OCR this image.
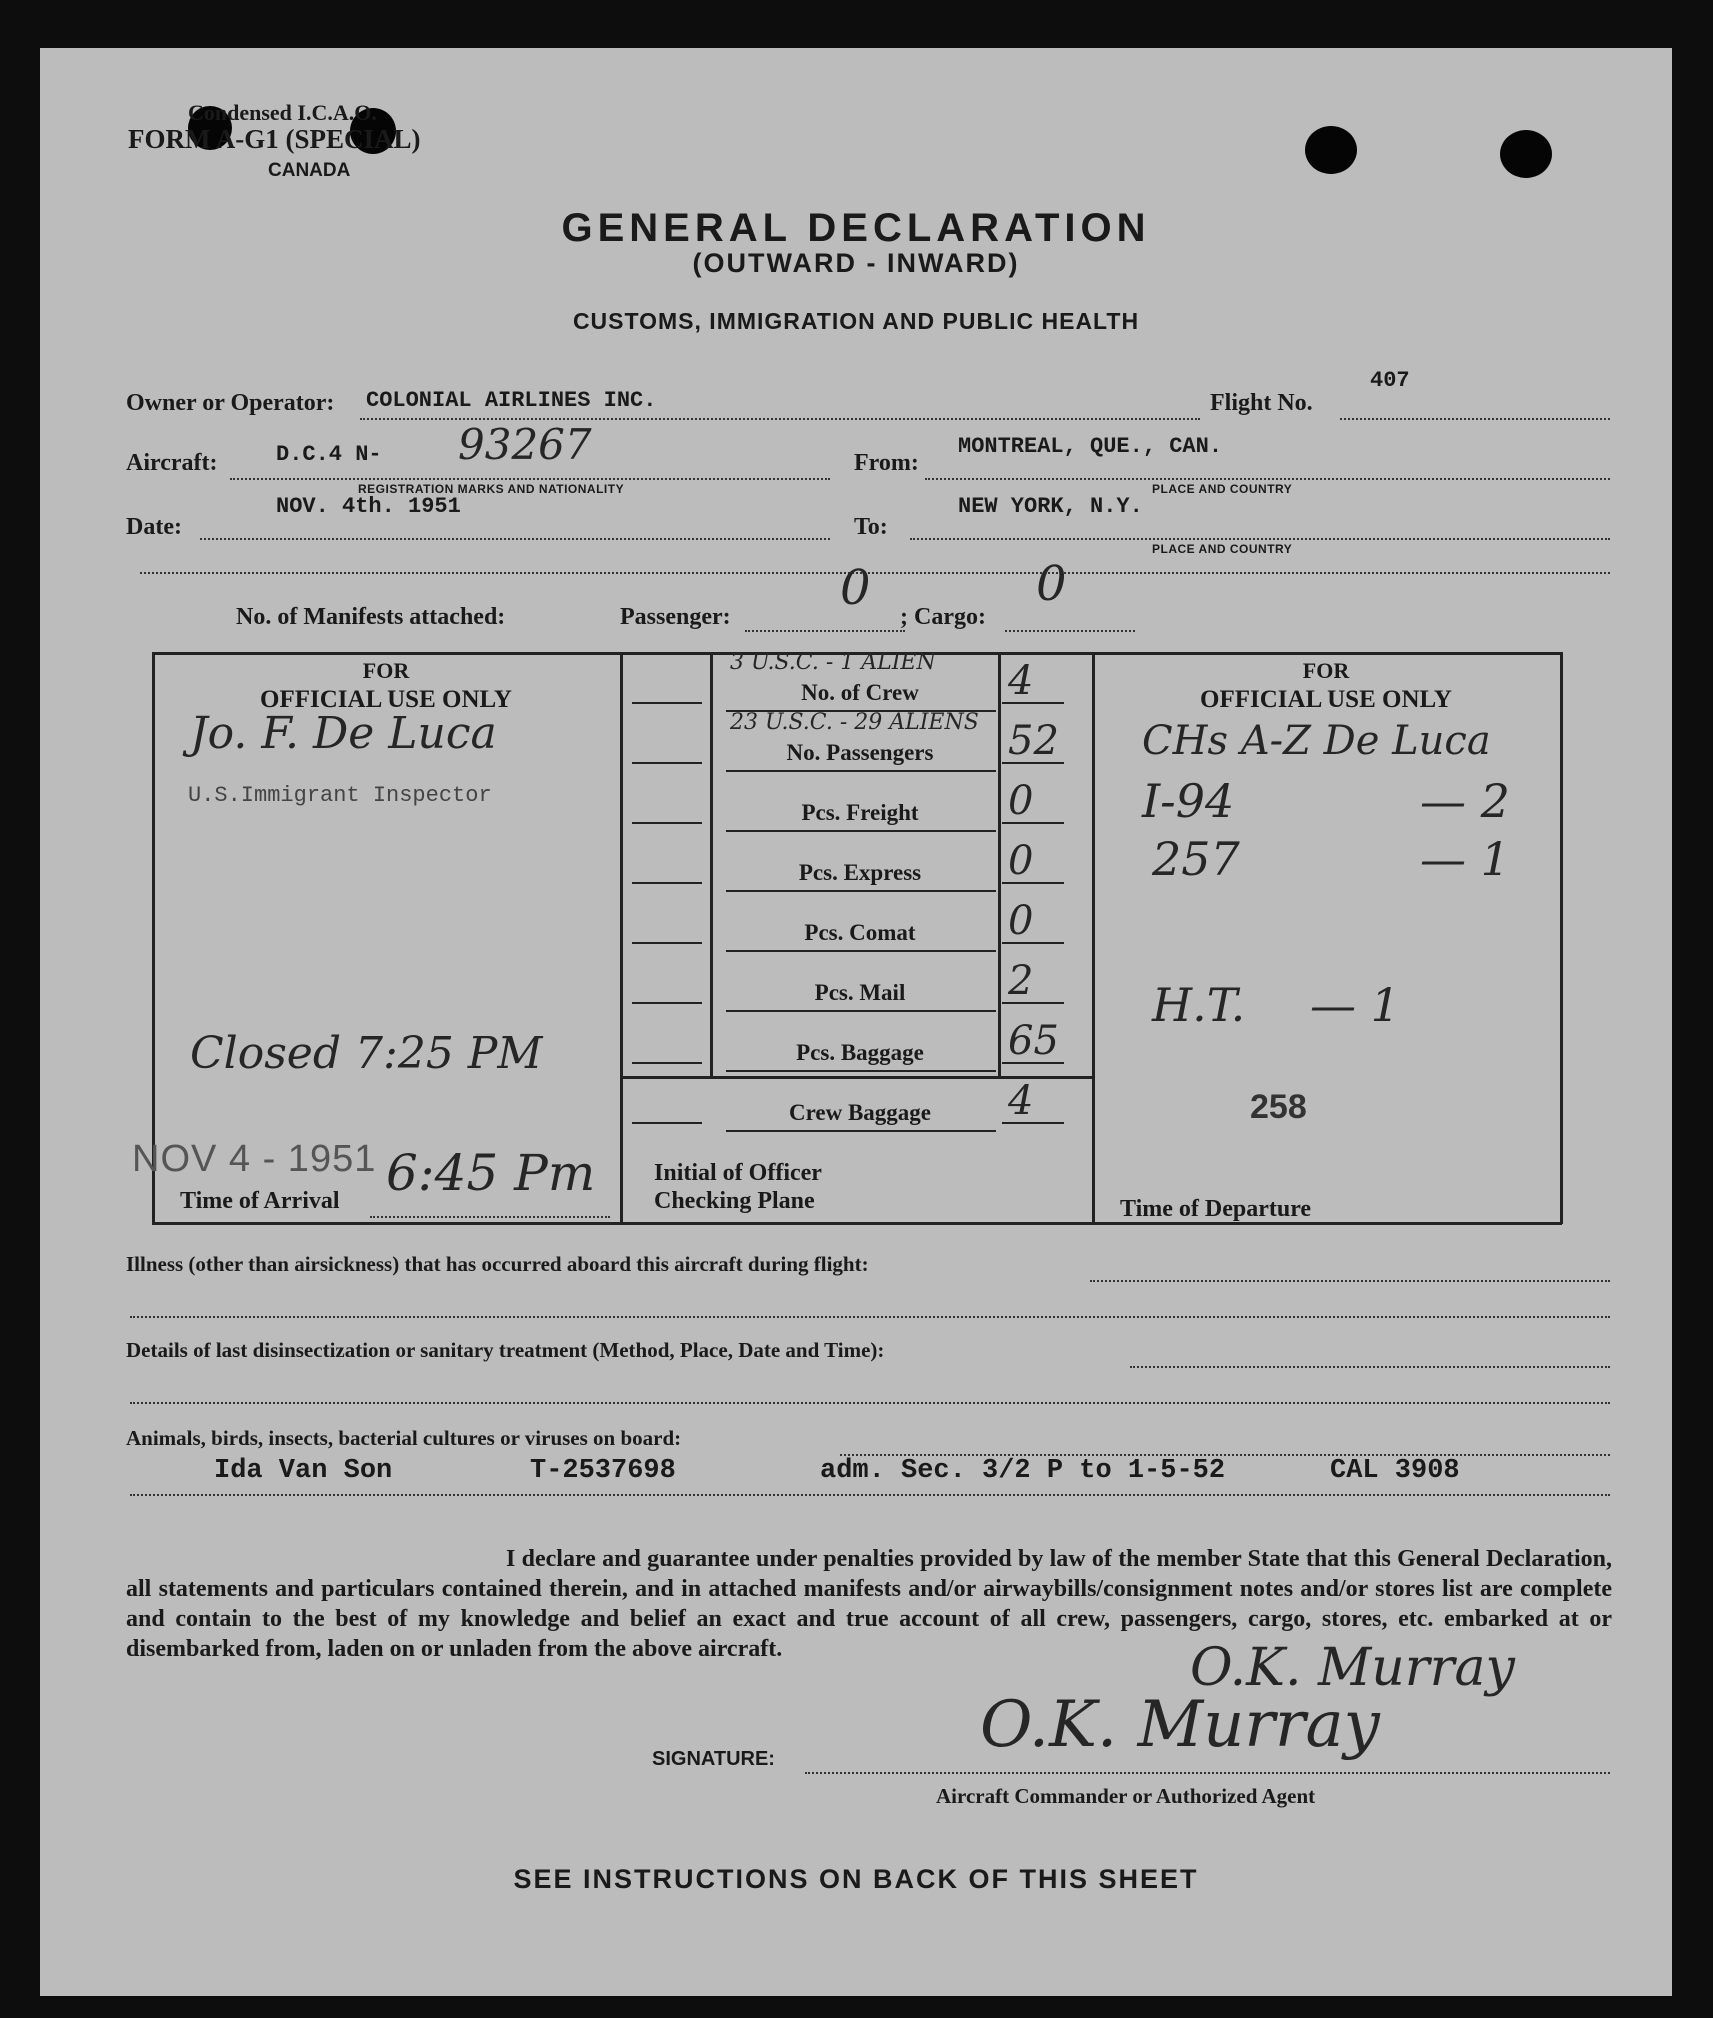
Condensed I.C.A.O.
FORM A-G1 (SPECIAL)
CANADA
GENERAL DECLARATION
(OUTWARD - INWARD)
CUSTOMS, IMMIGRATION AND PUBLIC HEALTH
Owner or Operator: COLONIAL AIRLINES INC.	Flight No.
407
Aircraft:	D.C.4 N- 93267
REGISTRATION MARKS AND NATIONALITY
From:
MONTREAL, QUE., CAN.
PLACE AND COUNTRY
Date:
NOV. 4th. 1951
To:
NEW YORK, N.Y.
PLACE AND COUNTRY
No. of Manifests attached:	Passenger:
0
; Cargo:
0
FOR
OFFICIAL USE ONLY
Jo. F. De Luca
U.S.Immigrant Inspector
Closed 7:25 PM
NOV 4 - 1951
Time of Arrival 6:45 Pm
3 U.S.C. - 1 ALIEN
No. of Crew	4
23 U.S.C. - 29 ALIENS
No. Passengers	52
Pcs. Freight	0
Pcs. Express	0
Pcs. Comat	0
Pcs. Mail	2
Pcs. Baggage	65
Crew Baggage	4
Initial of Officer
Checking Plane
FOR
OFFICIAL USE ONLY
CHs A-Z De Luca
I-94	— 2
257	— 1
H.T. — 1
258
Time of Departure
Illness (other than airsickness) that has occurred aboard this aircraft during flight:
Details of last disinsectization or sanitary treatment (Method, Place, Date and Time):
Animals, birds, insects, bacterial cultures or viruses on board:
Ida Van Son	T-2537698	adm. Sec. 3/2 P to 1-5-52	CAL 3908
I declare and guarantee under penalties provided by law of the member State that this General Declaration, all statements and particulars contained therein, and in attached manifests and/or airwaybills/consignment notes and/or stores list are complete and contain to the best of my knowledge and belief an exact and true account of all crew, passengers, cargo, stores, etc. embarked at or disembarked from, laden on or unladen from the above aircraft.	O.K. Murray
O.K. Murray
SIGNATURE:
Aircraft Commander or Authorized Agent
SEE INSTRUCTIONS ON BACK OF THIS SHEET
